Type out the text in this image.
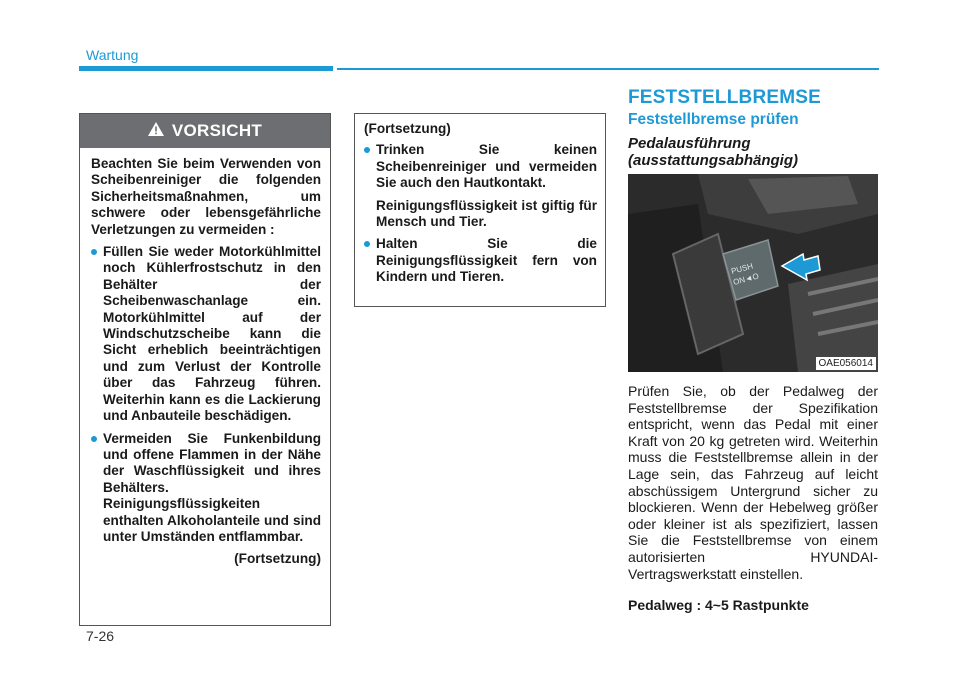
Wartung
VORSICHT

Beachten Sie beim Verwenden von Scheibenreiniger die folgenden Sicherheitsmaßnahmen, um schwere oder lebensgefährliche Verletzungen zu vermeiden :

Füllen Sie weder Motorkühlmittel noch Kühlerfrostschutz in den Behälter der Scheibenwaschanlage ein. Motorkühlmittel auf der Windschutzscheibe kann die Sicht erheblich beeinträchtigen und zum Verlust der Kontrolle über das Fahrzeug führen. Weiterhin kann es die Lackierung und Anbauteile beschädigen.
Vermeiden Sie Funkenbildung und offene Flammen in der Nähe der Waschflüssigkeit und ihres Behälters. Reinigungsflüssigkeiten enthalten Alkoholanteile und sind unter Umständen entflammbar.
(Fortsetzung)
(Fortsetzung)
Trinken Sie keinen Scheibenreiniger und vermeiden Sie auch den Hautkontakt.
Reinigungsflüssigkeit ist giftig für Mensch und Tier.
Halten Sie die Reinigungsflüssigkeit fern von Kindern und Tieren.
FESTSTELLBREMSE
Feststellbremse prüfen
Pedalausführung (ausstattungsabhängig)
PUSH
ON◄O
OAE056014
Prüfen Sie, ob der Pedalweg der Feststellbremse der Spezifikation entspricht, wenn das Pedal mit einer Kraft von 20 kg getreten wird. Weiterhin muss die Feststellbremse allein in der Lage sein, das Fahrzeug auf leicht abschüssigem Untergrund sicher zu blockieren. Wenn der Hebelweg größer oder kleiner ist als spezifiziert, lassen Sie die Feststellbremse von einem autorisierten HYUNDAI-Vertragswerkstatt einstellen.
Pedalweg : 4~5 Rastpunkte
7-26
